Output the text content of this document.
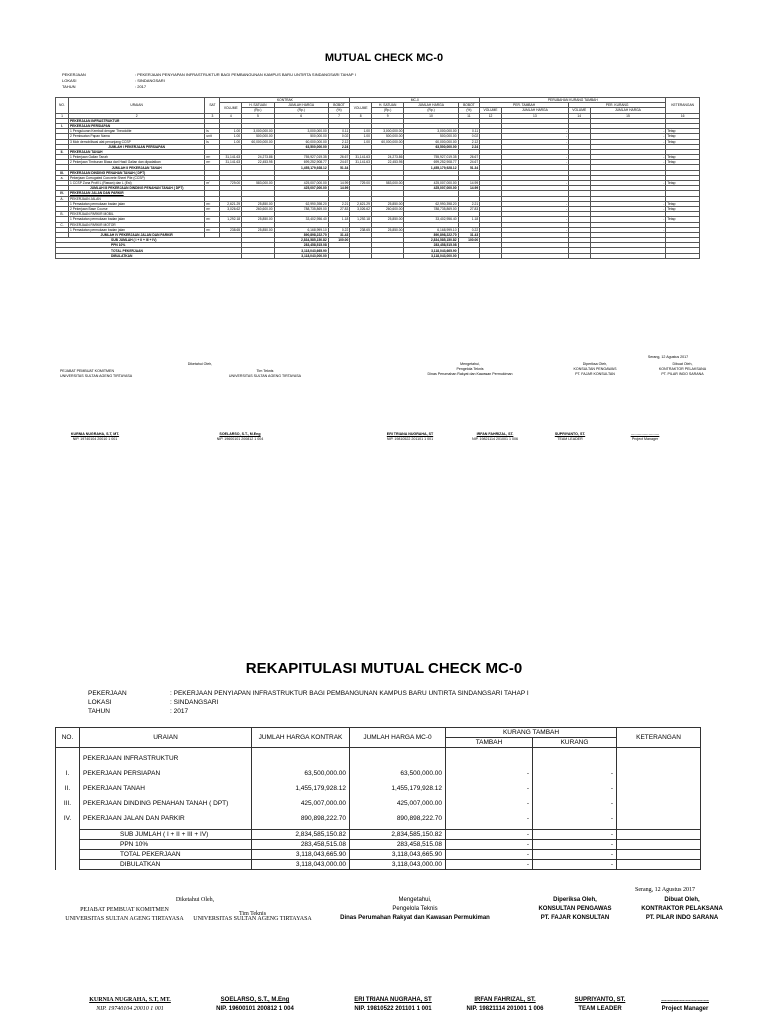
MUTUAL CHECK MC-0
PEKERJAAN	: PEKERJAAN PENYIAPAN INFRASTRUKTUR BAGI PEMBANGUNAN KAMPUS BARU UNTIRTA SINDANGSARI TAHAP I
LOKASI	: SINDANGSARI
TAHUN	: 2017
NO.	URAIAN	SAT	KONTRAK				MC-0				PERUBAHAN KURANG TAMBAH				KETERANGAN
			VOLUME	H. SATUAN	JUMLAH HARGA	BOBOT	VOLUME	H. SATUAN	JUMLAH HARGA	BOBOT	PER. TAMBAH		PER. KURANG		
				(Rp.)	(Rp.)	(%)		(Rp.)	(Rp.)	(%)	VOLUME	JUMLAH HARGA	VOLUME	JUMLAH HARGA	
1	2	3	4	5	6	7	8	9	10	11	12	13	14	15	16
	PEKERJAAN INFRASTRUKTUR														
I.	PEKERJAAN PERSIAPAN														
	1 Pengukuran Kembali dengan Theodolite	ls	1.00	3,000,000.00	3,000,000.00	0.11	1.00	3,000,000.00	3,000,000.00	0.11		-		-	Tetap
	2 Pembuatan Papan Nama	unit	1.00	500,000.00	500,000.00	0.02	1.00	500,000.00	500,000.00	0.02		-		-	Tetap
	3 Mob demobilisasi alat penunjang CCSP	ls	1.00	60,000,000.00	60,000,000.00	2.12	1.00	60,000,000.00	60,000,000.00	2.12		-		-	Tetap
	JUMLAH I PEKERJAAN PERSIAPAN				63,500,000.00	2.24			63,500,000.00	2.24					
II.	PEKERJAAN TANAH														
	1 Pekerjaan Galian Tanah	m³	31,141.63	24,273.86	755,927,019.35	26.67	31,141.63	24,273.86	755,927,019.35	26.67		-		-	Tetap
	2 Pekerjaan Timbunan Biasa dari Hasil Galian dan dipadatkan	m³	31,141.63	22,453.95	699,252,908.77	24.67	31,141.63	22,453.95	699,252,908.77	24.67		-		-	Tetap
	JUMLAH II PEKERJAAN TANAH				1,455,179,928.12	51.34			1,455,179,928.12	51.34					
III.	PEKERJAAN DINDING PENAHAN TANAH ( DPT)														
a.	Pekerjaan Corrugated Concrete Sheet Pile (CCSP)														
	1 CCSP Zona Profil L (Rawan) dan L (Est)	m'	729.00	583,000.00	425,007,000.00	14.99	729.00	583,000.00	425,007,000.00	14.99		-		-	Tetap
	JUMLAH III PEKERJAAN DINDING PENAHAN TANAH ( DPT)				425,007,000.00	14.99			425,007,000.00	14.99					
IV.	PEKERJAAN JALAN DAN PARKIR														
A.	PEKERJAAN JALAN														
	1 Pemadatan permukaan badan jalan	m²	2,621.29	25,850.00	62,990,398.20	2.21	2,621.29	25,850.00	62,990,398.20	2.21		-		-	Tetap
	2 Pekerjaan Base Course	m³	3,026.62	260,600.00	788,735,869.00	27.83	3,026.62	260,600.00	788,735,869.00	27.83		-		-	Tetap
B.	PEKERJAAN PARKIR MOBIL														
	1 Pemadatan permukaan badan jalan	m²	1,292.18	25,850.00	33,402,956.40	1.18	1,292.18	25,850.00	33,402,956.40	1.18		-		-	Tetap
C.	PEKERJAAN PARKIR MOTOR														
	1 Pemadatan permukaan badan jalan	m²	238.65	25,850.00	6,168,999.10	0.22	238.65	25,850.00	6,168,999.10	0.22		-		-	
	JUMLAH IV PEKERJAAN JALAN DAN PARKIR				890,898,222.70	31.43			890,898,222.70	31.43					
SUB JUMLAH ( I + II + III + IV)					2,834,585,150.82	100.00			2,834,585,150.82	100.00					
PPN 10%					283,458,515.08				283,458,515.08						
TOTAL PEKERJAAN					3,118,043,665.90				3,118,043,665.90						
DIBULATKAN					3,118,043,000.00				3,118,043,000.00						
Serang, 12 Agustus 2017
Diketahui Oleh,
PEJABAT PEMBUAT KOMITMEN
UNIVERSITAS SULTAN AGENG TIRTAYASA
Tim Teknis
UNIVERSITAS SULTAN AGENG TIRTAYASA
Mengetahui,
Pengelola Teknis
Dinas Perumahan Rakyat dan Kawasan Permukiman
Diperiksa Oleh,
KONSULTAN PENGAWAS
PT. FAJAR KONSULTAN
Dibuat Oleh,
KONTRAKTOR PELAKSANA
PT. PILAR INDO SARANA
KURNIA NUGRAHA, S.T, MT.
NIP. 19740104 20010 1 001
SOELARSO, S.T., M.Eng
NIP. 19600101 200812 1 004
ERI TRIANA NUGRAHA, ST
NIP. 19810522 201101 1 001
IRFAN FAHRIZAL, ST.
NIP. 19821114 201001 1 006
SUPRIYANTO, ST.
TEAM LEADER
……………………
Project Manager
REKAPITULASI MUTUAL CHECK MC-0
PEKERJAAN	: PEKERJAAN PENYIAPAN INFRASTRUKTUR BAGI PEMBANGUNAN KAMPUS BARU UNTIRTA SINDANGSARI TAHAP I
LOKASI	: SINDANGSARI
TAHUN	: 2017
NO.	URAIAN	JUMLAH HARGA KONTRAK	JUMLAH HARGA MC-0	KURANG TAMBAH		KETERANGAN
				TAMBAH	KURANG	

	PEKERJAAN INFRASTRUKTUR					

I.	PEKERJAAN PERSIAPAN	63,500,000.00	63,500,000.00	-	-	

II.	PEKERJAAN TANAH	1,455,179,928.12	1,455,179,928.12	-	-	

III.	PEKERJAAN DINDING PENAHAN TANAH ( DPT)	425,007,000.00	425,007,000.00	-	-	

IV.	PEKERJAAN JALAN DAN PARKIR	890,898,222.70	890,898,222.70	-	-	

	SUB JUMLAH ( I + II + III + IV)	2,834,585,150.82	2,834,585,150.82	-	-	
	PPN 10%	283,458,515.08	283,458,515.08	-	-	
	TOTAL PEKERJAAN	3,118,043,665.90	3,118,043,665.90	-	-	
	DIBULATKAN	3,118,043,000.00	3,118,043,000.00	-	-	
Serang, 12 Agustus 2017
Diketahui Oleh,
PEJABAT PEMBUAT KOMITMEN
UNIVERSITAS SULTAN AGENG TIRTAYASA
Tim Teknis
UNIVERSITAS SULTAN AGENG TIRTAYASA
Mengetahui,
Pengelola Teknis
Dinas Perumahan Rakyat dan Kawasan Permukiman
Diperiksa Oleh,
KONSULTAN PENGAWAS
PT. FAJAR KONSULTAN
Dibuat Oleh,
KONTRAKTOR PELAKSANA
PT. PILAR INDO SARANA
KURNIA NUGRAHA, S.T, MT.
NIP. 19740104 20010 1 001
SOELARSO, S.T., M.Eng
NIP. 19600101 200812 1 004
ERI TRIANA NUGRAHA, ST
NIP. 19810522 201101 1 001
IRFAN FAHRIZAL, ST.
NIP. 19821114 201001 1 006
SUPRIYANTO, ST.
TEAM LEADER
……………………
Project Manager
